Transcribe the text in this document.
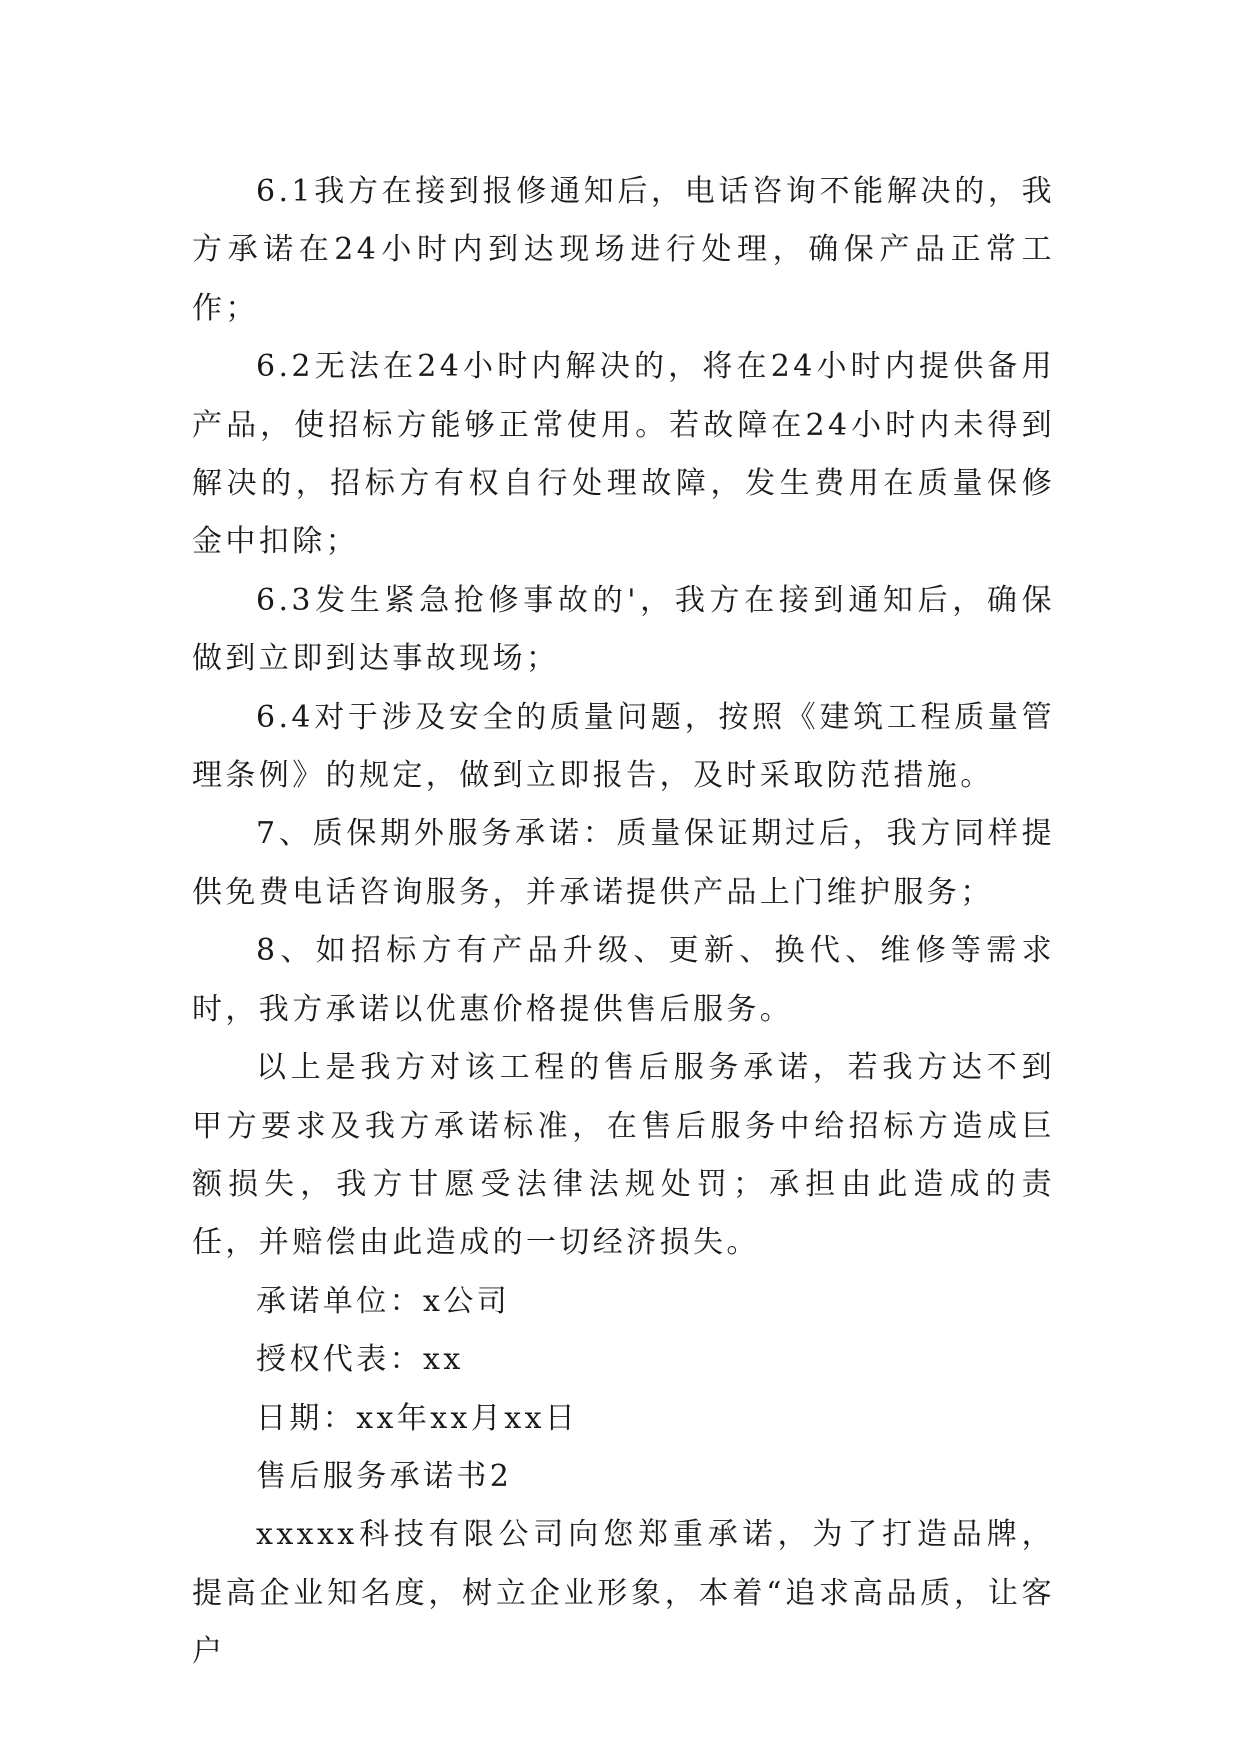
6.1我方在接到报修通知后，电话咨询不能解决的，我方承诺在24小时内到达现场进行处理，确保产品正常工作；

6.2无法在24小时内解决的，将在24小时内提供备用产品，使招标方能够正常使用。若故障在24小时内未得到解决的，招标方有权自行处理故障，发生费用在质量保修金中扣除；

6.3发生紧急抢修事故的'，我方在接到通知后，确保做到立即到达事故现场；

6.4对于涉及安全的质量问题，按照《建筑工程质量管理条例》的规定，做到立即报告，及时采取防范措施。

7、质保期外服务承诺：质量保证期过后，我方同样提供免费电话咨询服务，并承诺提供产品上门维护服务；

8、如招标方有产品升级、更新、换代、维修等需求时，我方承诺以优惠价格提供售后服务。

以上是我方对该工程的售后服务承诺，若我方达不到甲方要求及我方承诺标准，在售后服务中给招标方造成巨额损失，我方甘愿受法律法规处罚；承担由此造成的责任，并赔偿由此造成的一切经济损失。

承诺单位：x公司

授权代表：xx

日期：xx年xx月xx日

售后服务承诺书2

xxxxx科技有限公司向您郑重承诺，为了打造品牌，提高企业知名度，树立企业形象，本着“追求高品质，让客户
